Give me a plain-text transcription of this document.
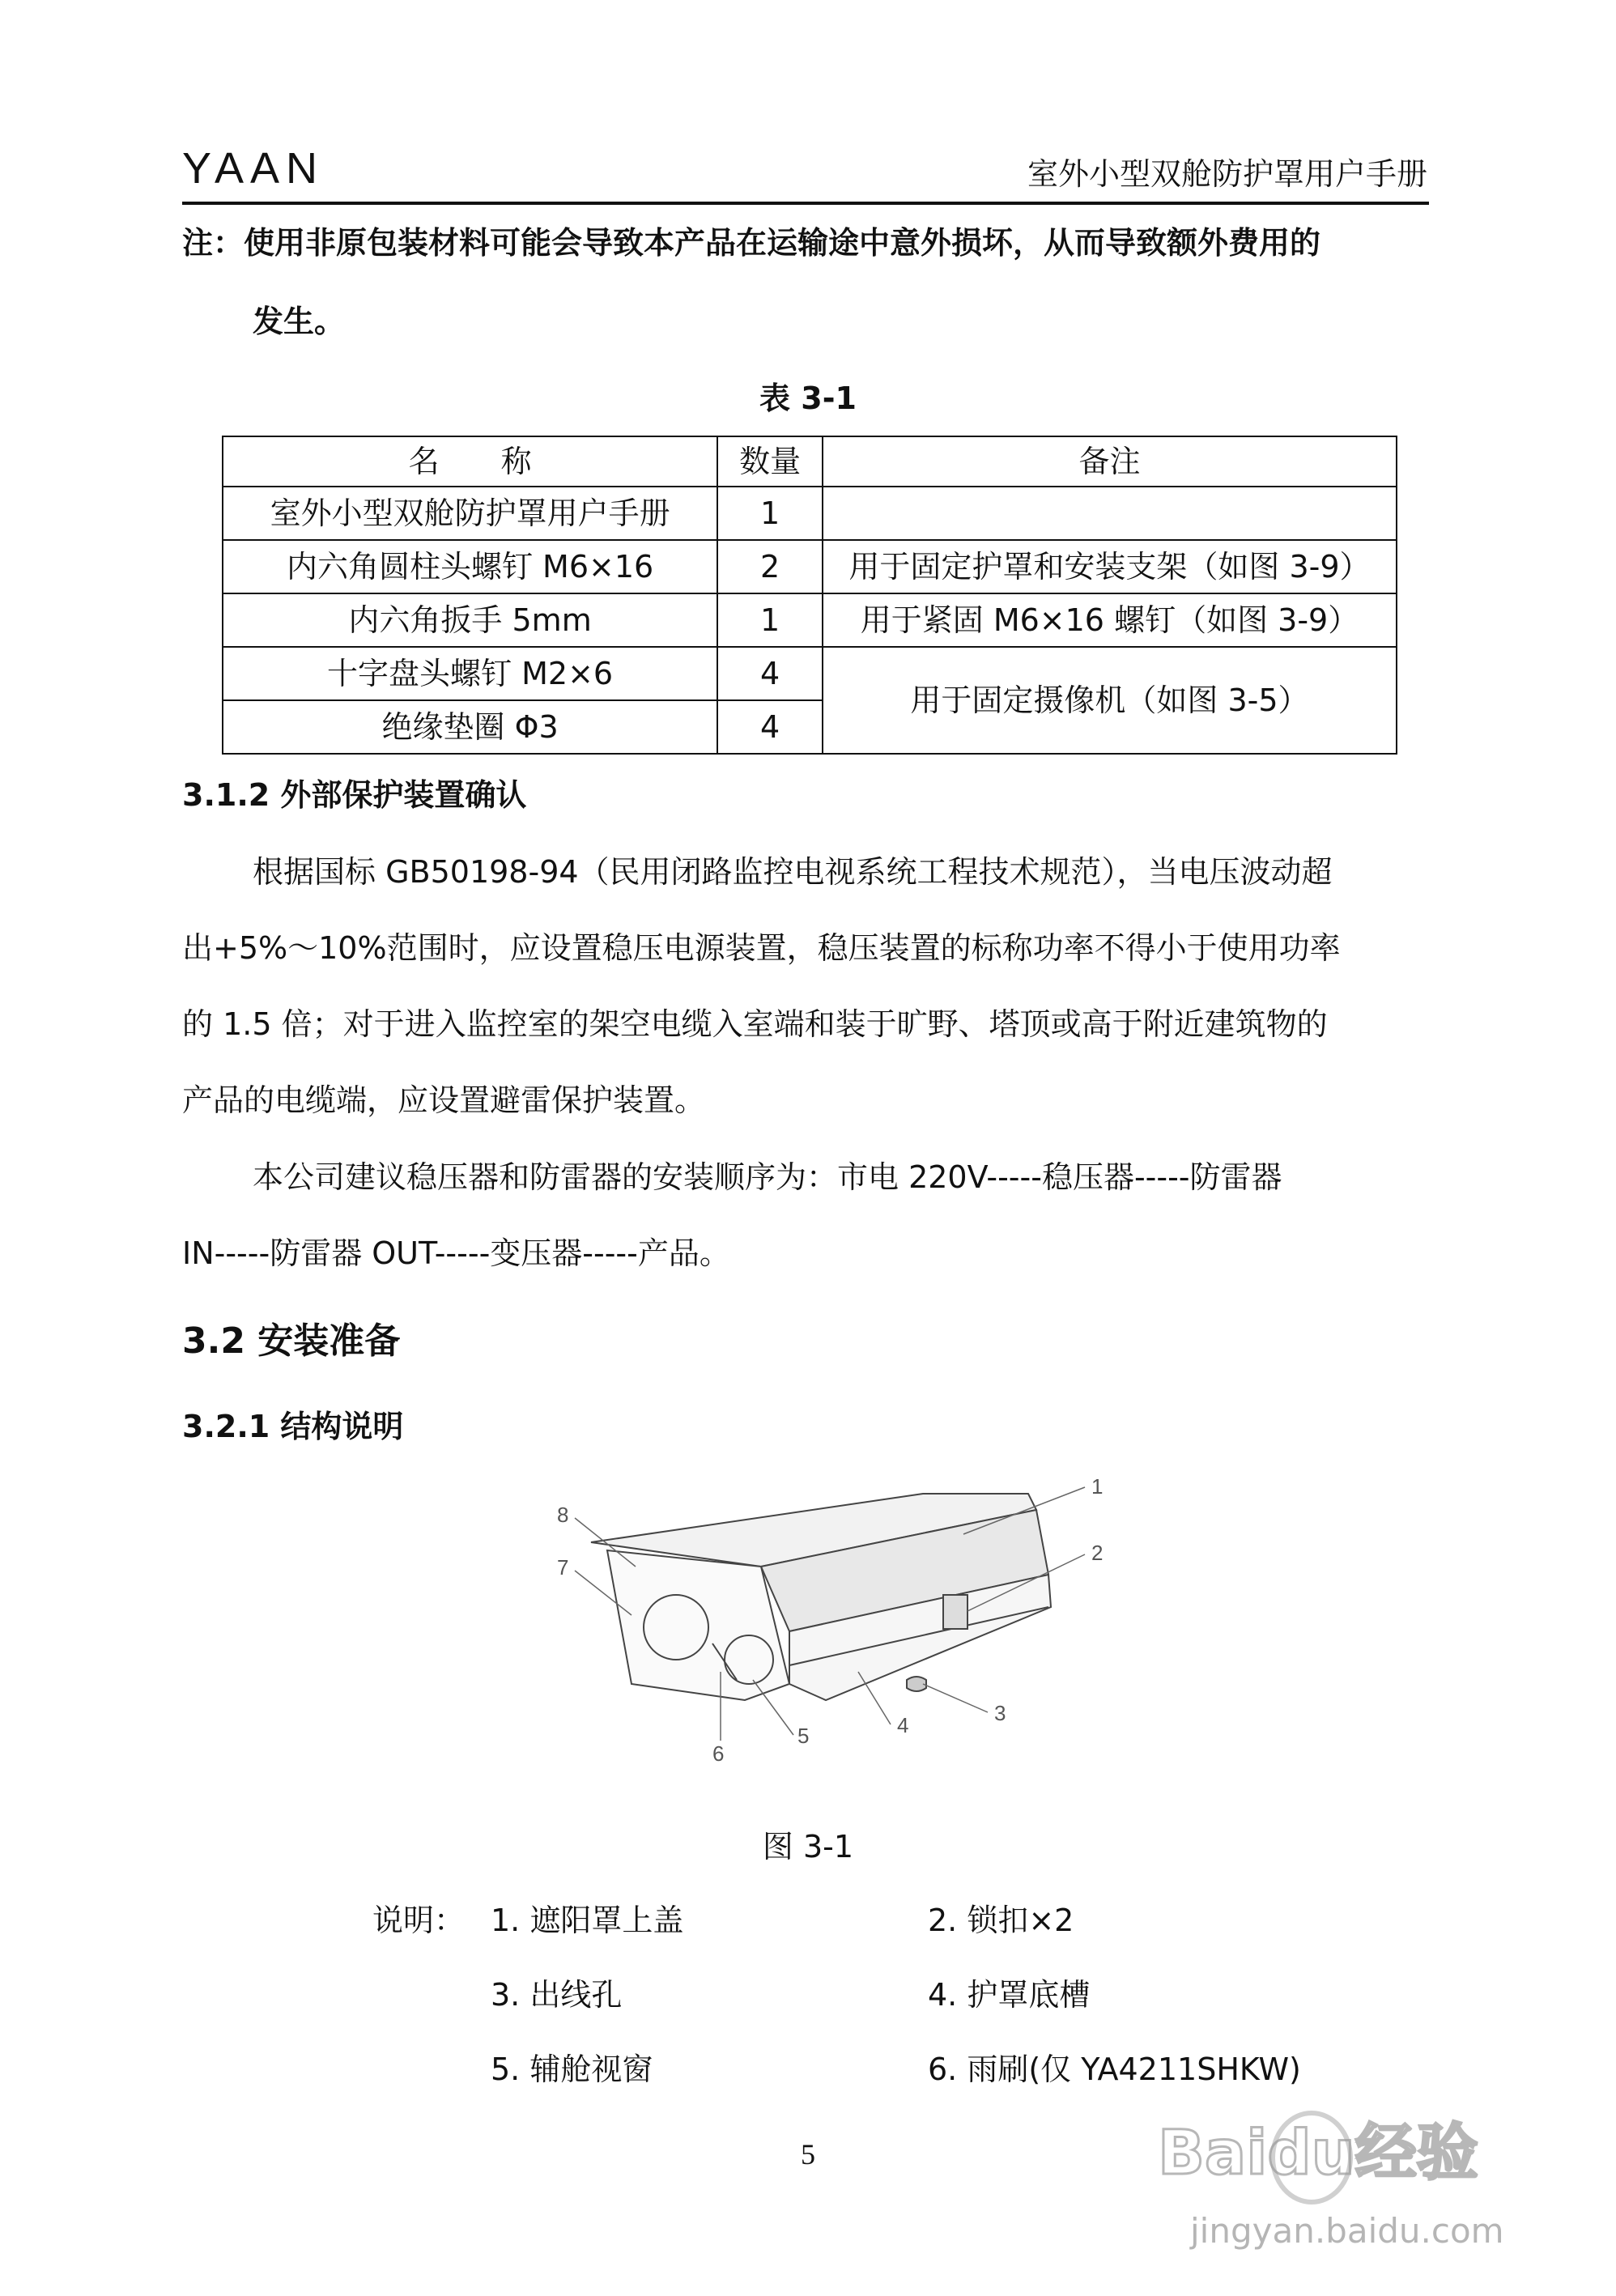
YAAN	室外小型双舱防护罩用户手册
注：使用非原包装材料可能会导致本产品在运输途中意外损坏，从而导致额外费用的
发生。
表 3-1
名　　称	数量	备注
室外小型双舱防护罩用户手册	1	
内六角圆柱头螺钉 M6×16	2	用于固定护罩和安装支架（如图 3-9）
内六角扳手 5mm	1	用于紧固 M6×16 螺钉（如图 3-9）
十字盘头螺钉 M2×6	4	用于固定摄像机（如图 3-5）
绝缘垫圈 Φ3	4	
3.1.2 外部保护装置确认
根据国标 GB50198-94（民用闭路监控电视系统工程技术规范），当电压波动超
出+5%～10%范围时，应设置稳压电源装置，稳压装置的标称功率不得小于使用功率
的 1.5 倍；对于进入监控室的架空电缆入室端和装于旷野、塔顶或高于附近建筑物的
产品的电缆端，应设置避雷保护装置。
本公司建议稳压器和防雷器的安装顺序为：市电 220V-----稳压器-----防雷器
IN-----防雷器 OUT-----变压器-----产品。
3.2 安装准备
3.2.1 结构说明
1
2
3
4
5
6
7
8
图 3-1
说明： 1. 遮阳罩上盖	2. 锁扣×2
3. 出线孔	4. 护罩底槽
5. 辅舱视窗	6. 雨刷(仅 YA4211SHKW)
5	Baidu经验
jingyan.baidu.com
